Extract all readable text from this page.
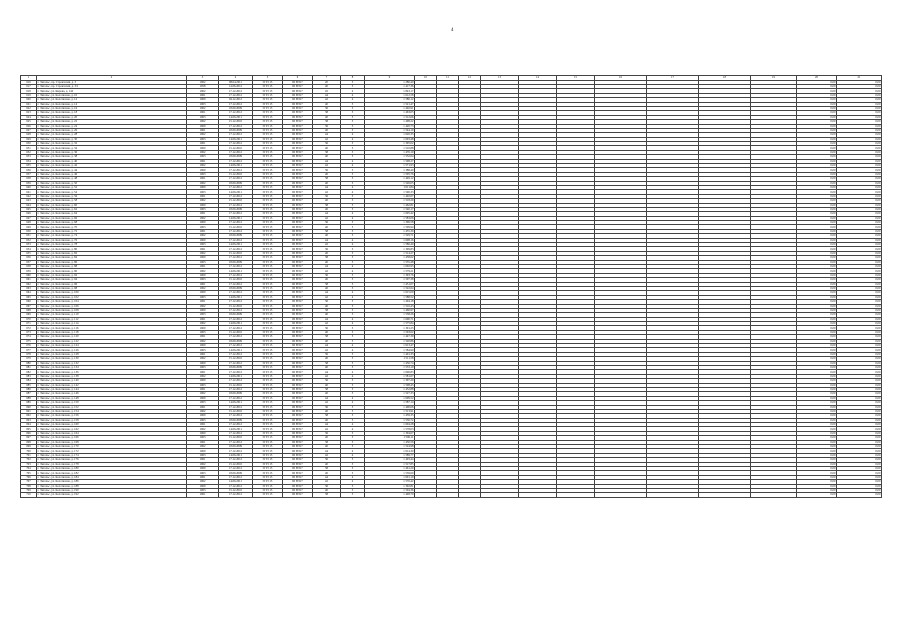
4
1	2	3	4	5	6	7	8	9	10	11	12	13	14	15	16	17	18	19	20	21
616	г. Энгельс, пр. Строителей, д. 3	1962	08.04.2011	П Т3 15	III ВЭ17	20	3	1 286,40											0,00	0,00
617	г. Энгельс, пр. Строителей, д. 3/1	1958	14.06.2012	П Т3 15	III ВЭ17	40	3	1 417,36											0,00	0,00
618	г. Энгельс, ул. Кирова, д. 142	1962	17.12.2012	П Т3 15	III ВЭ17	45	4	1 843,17											0,00	0,00
619	г. Энгельс, ул. Колотилова, д. 10	1961	17.12.2012	П Т3 15	III ВЭ17	44	4	1 612,58											0,00	0,00
620	г. Энгельс, ул. Колотилова, д. 12	1960	04.12.2012	П Т3 15	III ВЭ17	42	4	1 580,12											0,00	0,00
621	г. Энгельс, ул. Колотилова, д. 14	1963	17.12.2012	П Т3 15	III ВЭ17	40	3	1 521,47											0,00	0,00
622	г. Энгельс, ул. Колотилова, д. 16	1962	18.09.2009	П Т3 15	III ВЭ17	36	3	1 402,91											0,00	0,00
623	г. Энгельс, ул. Колотилова, д. 18	1961	17.12.2012	П Т3 15	III ВЭ17	38	3	1 463,05											0,00	0,00
624	г. Энгельс, ул. Колотилова, д. 20	1963	14.06.2011	П Т3 15	III ВЭ17	40	3	1 512,66											0,00	0,00
625	г. Энгельс, ул. Колотилова, д. 22	1962	15.12.2010	П Т3 15	III ВЭ17	38	3	1 498,22											0,00	0,00
626	г. Энгельс, ул. Колотилова, д. 24	1960	17.12.2012	П Т3 15	III ВЭ17	36	3	1 420,73											0,00	0,00
627	г. Энгельс, ул. Колотилова, д. 26	1961	18.09.2009	П Т3 15	III ВЭ17	40	3	1 544,10											0,00	0,00
628	г. Энгельс, ул. Колотилова, д. 28	1962	17.12.2012	П Т3 15	III ВЭ17	44	4	1 620,35											0,00	0,00
629	г. Энгельс, ул. Колотилова, д. 30	1963	14.06.2011	П Т3 15	III ВЭ17	42	4	1 603,48											0,00	0,00
630	г. Энгельс, ул. Колотилова, д. 32	1961	17.12.2012	П Т3 15	III ВЭ17	36	3	1 395,02											0,00	0,00
631	г. Энгельс, ул. Колотилова, д. 34	1960	15.12.2010	П Т3 15	III ВЭ17	40	3	1 510,88											0,00	0,00
632	г. Энгельс, ул. Колотилова, д. 36	1962	17.12.2012	П Т3 15	III ВЭ17	38	3	1 476,19											0,00	0,00
633	г. Энгельс, ул. Колотилова, д. 38	1963	18.09.2009	П Т3 15	III ВЭ17	40	3	1 532,64											0,00	0,00
634	г. Энгельс, ул. Колотилова, д. 40	1961	17.12.2012	П Т3 15	III ВЭ17	44	4	1 598,27											0,00	0,00
635	г. Энгельс, ул. Колотилова, д. 42	1962	14.06.2011	П Т3 15	III ВЭ17	42	4	1 571,93											0,00	0,00
636	г. Энгельс, ул. Колотилова, д. 44	1960	17.12.2012	П Т3 15	III ВЭ17	36	3	1 388,40											0,00	0,00
637	г. Энгельс, ул. Колотилова, д. 46	1963	15.12.2010	П Т3 15	III ВЭ17	40	3	1 505,76											0,00	0,00
638	г. Энгельс, ул. Колотилова, д. 48	1961	17.12.2012	П Т3 15	III ВЭ17	38	3	1 449,12											0,00	0,00
639	г. Энгельс, ул. Колотилова, д. 50	1962	18.09.2009	П Т3 15	III ВЭ17	40	3	1 526,05											0,00	0,00
640	г. Энгельс, ул. Колотилова, д. 52	1960	17.12.2012	П Т3 15	III ВЭ17	44	4	1 611,84											0,00	0,00
641	г. Энгельс, ул. Колотилова, д. 54	1963	14.06.2011	П Т3 15	III ВЭ17	42	4	1 590,33											0,00	0,00
642	г. Энгельс, ул. Колотилова, д. 56	1961	17.12.2012	П Т3 15	III ВЭ17	36	3	1 402,67											0,00	0,00
643	г. Энгельс, ул. Колотилова, д. 58	1962	15.12.2010	П Т3 15	III ВЭ17	40	3	1 518,29											0,00	0,00
644	г. Энгельс, ул. Колотилова, д. 60	1960	17.12.2012	П Т3 15	III ВЭ17	38	3	1 462,81											0,00	0,00
645	г. Энгельс, ул. Колотилова, д. 62	1963	18.09.2009	П Т3 15	III ВЭ17	40	3	1 540,17											0,00	0,00
646	г. Энгельс, ул. Колотилова, д. 64	1961	17.12.2012	П Т3 15	III ВЭ17	44	4	1 605,42											0,00	0,00
647	г. Энгельс, ул. Колотилова, д. 66	1962	14.06.2011	П Т3 15	III ВЭ17	42	4	1 583,06											0,00	0,00
648	г. Энгельс, ул. Колотилова, д. 68	1960	17.12.2012	П Т3 15	III ВЭ17	36	3	1 396,58											0,00	0,00
649	г. Энгельс, ул. Колотилова, д. 70	1963	15.12.2010	П Т3 15	III ВЭ17	40	3	1 509,94											0,00	0,00
650	г. Энгельс, ул. Колотилова, д. 72	1961	17.12.2012	П Т3 15	III ВЭ17	38	3	1 455,30											0,00	0,00
651	г. Энгельс, ул. Колотилова, д. 74	1962	18.09.2009	П Т3 15	III ВЭ17	40	3	1 529,71											0,00	0,00
652	г. Энгельс, ул. Колотилова, д. 76	1960	17.12.2012	П Т3 15	III ВЭ17	44	4	1 608,16											0,00	0,00
653	г. Энгельс, ул. Колотилова, д. 78	1963	14.06.2011	П Т3 15	III ВЭ17	42	4	1 586,49											0,00	0,00
654	г. Энгельс, ул. Колотилова, д. 80	1961	17.12.2012	П Т3 15	III ВЭ17	36	3	1 399,83											0,00	0,00
655	г. Энгельс, ул. Колотилова, д. 82	1962	15.12.2010	П Т3 15	III ВЭ17	40	3	1 514,27											0,00	0,00
656	г. Энгельс, ул. Колотилова, д. 84	1960	17.12.2012	П Т3 15	III ВЭ17	38	3	1 458,62											0,00	0,00
657	г. Энгельс, ул. Колотилова, д. 86	1963	18.09.2009	П Т3 15	III ВЭ17	40	3	1 535,48											0,00	0,00
658	г. Энгельс, ул. Колотилова, д. 88	1961	17.12.2012	П Т3 15	III ВЭ17	44	4	1 602,95											0,00	0,00
659	г. Энгельс, ул. Колотилова, д. 90	1962	14.06.2011	П Т3 15	III ВЭ17	42	4	1 579,21											0,00	0,00
660	г. Энгельс, ул. Колотилова, д. 92	1960	17.12.2012	П Т3 15	III ВЭ17	36	3	1 393,76											0,00	0,00
661	г. Энгельс, ул. Колотилова, д. 94	1963	15.12.2010	П Т3 15	III ВЭ17	40	3	1 507,38											0,00	0,00
662	г. Энгельс, ул. Колотилова, д. 96	1961	17.12.2012	П Т3 15	III ВЭ17	38	3	1 451,07											0,00	0,00
663	г. Энгельс, ул. Колотилова, д. 98	1962	18.09.2009	П Т3 15	III ВЭ17	40	3	1 522,64											0,00	0,00
664	г. Энгельс, ул. Колотилова, д. 100	1960	17.12.2012	П Т3 15	III ВЭ17	44	4	1 615,09											0,00	0,00
665	г. Энгельс, ул. Колотилова, д. 102	1963	14.06.2011	П Т3 15	III ВЭ17	42	4	1 588,52											0,00	0,00
666	г. Энгельс, ул. Колотилова, д. 104	1961	17.12.2012	П Т3 15	III ВЭ17	36	3	1 404,18											0,00	0,00
667	г. Энгельс, ул. Колотилова, д. 106	1962	15.12.2010	П Т3 15	III ВЭ17	40	3	1 516,43											0,00	0,00
668	г. Энгельс, ул. Колотилова, д. 108	1960	17.12.2012	П Т3 15	III ВЭ17	38	3	1 460,97											0,00	0,00
669	г. Энгельс, ул. Колотилова, д. 110	1963	18.09.2009	П Т3 15	III ВЭ17	40	3	1 538,26											0,00	0,00
670	г. Энгельс, ул. Колотилова, д. 112	1961	17.12.2012	П Т3 15	III ВЭ17	44	4	1 600,71											0,00	0,00
671	г. Энгельс, ул. Колотилова, д. 114	1962	14.06.2011	П Т3 15	III ВЭ17	42	4	1 575,84											0,00	0,00
672	г. Энгельс, ул. Колотилова, д. 116	1960	17.12.2012	П Т3 15	III ВЭ17	36	3	1 391,25											0,00	0,00
673	г. Энгельс, ул. Колотилова, д. 118	1963	15.12.2010	П Т3 15	III ВЭ17	40	3	1 503,62											0,00	0,00
674	г. Энгельс, ул. Колотилова, д. 120	1961	17.12.2012	П Т3 15	III ВЭ17	38	3	1 447,39											0,00	0,00
675	г. Энгельс, ул. Колотилова, д. 122	1962	18.09.2009	П Т3 15	III ВЭ17	40	3	1 520,86											0,00	0,00
676	г. Энгельс, ул. Колотилова, д. 124	1960	17.12.2012	П Т3 15	III ВЭ17	44	4	1 613,47											0,00	0,00
677	г. Энгельс, ул. Колотилова, д. 126	1963	14.06.2011	П Т3 15	III ВЭ17	42	4	1 584,90											0,00	0,00
678	г. Энгельс, ул. Колотилова, д. 128	1961	17.12.2012	П Т3 15	III ВЭ17	36	3	1 401,33											0,00	0,00
679	г. Энгельс, ул. Колотилова, д. 130	1962	15.12.2010	П Т3 15	III ВЭ17	40	3	1 511,58											0,00	0,00
680	г. Энгельс, ул. Колотилова, д. 132	1960	17.12.2012	П Т3 15	III ВЭ17	38	3	1 456,74											0,00	0,00
681	г. Энгельс, ул. Колотилова, д. 134	1963	18.09.2009	П Т3 15	III ВЭ17	40	3	1 533,19											0,00	0,00
682	г. Энгельс, ул. Колотилова, д. 136	1961	17.12.2012	П Т3 15	III ВЭ17	44	4	1 606,83											0,00	0,00
683	г. Энгельс, ул. Колотилова, д. 138	1962	14.06.2011	П Т3 15	III ВЭ17	42	4	1 581,67											0,00	0,00
684	г. Энгельс, ул. Колотилова, д. 140	1960	17.12.2012	П Т3 15	III ВЭ17	36	3	1 397,20											0,00	0,00
685	г. Энгельс, ул. Колотилова, д. 142	1963	15.12.2010	П Т3 15	III ВЭ17	40	3	1 508,45											0,00	0,00
686	г. Энгельс, ул. Колотилова, д. 144	1961	17.12.2012	П Т3 15	III ВЭ17	38	3	1 452,88											0,00	0,00
687	г. Энгельс, ул. Колотилова, д. 146	1962	18.09.2009	П Т3 15	III ВЭ17	40	3	1 527,33											0,00	0,00
688	г. Энгельс, ул. Колотилова, д. 148	1960	17.12.2012	П Т3 15	III ВЭ17	44	4	1 609,52											0,00	0,00
689	г. Энгельс, ул. Колотилова, д. 150	1963	14.06.2011	П Т3 15	III ВЭ17	42	4	1 587,14											0,00	0,00
690	г. Энгельс, ул. Колотилова, д. 152	1961	17.12.2012	П Т3 15	III ВЭ17	36	3	1 400,06											0,00	0,00
691	г. Энгельс, ул. Колотилова, д. 154	1962	15.12.2010	П Т3 15	III ВЭ17	40	3	1 513,91											0,00	0,00
692	г. Энгельс, ул. Колотилова, д. 156	1960	17.12.2012	П Т3 15	III ВЭ17	38	3	1 459,35											0,00	0,00
693	г. Энгельс, ул. Колотилова, д. 158	1963	18.09.2009	П Т3 15	III ВЭ17	40	3	1 536,72											0,00	0,00
694	г. Энгельс, ул. Колотилова, д. 160	1961	17.12.2012	П Т3 15	III ВЭ17	44	4	1 604,28											0,00	0,00
695	г. Энгельс, ул. Колотилова, д. 162	1962	14.06.2011	П Т3 15	III ВЭ17	42	4	1 578,03											0,00	0,00
696	г. Энгельс, ул. Колотилова, д. 164	1960	17.12.2012	П Т3 15	III ВЭ17	36	3	1 394,67											0,00	0,00
697	г. Энгельс, ул. Колотилова, д. 166	1963	15.12.2010	П Т3 15	III ВЭ17	40	3	1 506,11											0,00	0,00
698	г. Энгельс, ул. Колотилова, д. 168	1961	17.12.2012	П Т3 15	III ВЭ17	38	3	1 450,56											0,00	0,00
699	г. Энгельс, ул. Колотилова, д. 170	1962	18.09.2009	П Т3 15	III ВЭ17	40	3	1 524,98											0,00	0,00
700	г. Энгельс, ул. Колотилова, д. 172	1960	17.12.2012	П Т3 15	III ВЭ17	44	4	1 614,30											0,00	0,00
701	г. Энгельс, ул. Колотилова, д. 174	1963	14.06.2011	П Т3 15	III ВЭ17	42	4	1 589,77											0,00	0,00
702	г. Энгельс, ул. Колотилова, д. 176	1961	17.12.2012	П Т3 15	III ВЭ17	36	3	1 403,44											0,00	0,00
703	г. Энгельс, ул. Колотилова, д. 178	1962	15.12.2010	П Т3 15	III ВЭ17	40	3	1 517,85											0,00	0,00
704	г. Энгельс, ул. Колотилова, д. 180	1960	17.12.2012	П Т3 15	III ВЭ17	38	3	1 461,29											0,00	0,00
705	г. Энгельс, ул. Колотилова, д. 182	1963	18.09.2009	П Т3 15	III ВЭ17	40	3	1 539,60											0,00	0,00
706	г. Энгельс, ул. Колотилова, д. 184	1961	17.12.2012	П Т3 15	III ВЭ17	44	4	1 601,19											0,00	0,00
707	г. Энгельс, ул. Колотилова, д. 186	1962	14.06.2011	П Т3 15	III ВЭ17	42	4	1 576,42											0,00	0,00
708	г. Энгельс, ул. Колотилова, д. 188	1960	17.12.2012	П Т3 15	III ВЭ17	36	3	1 392,81											0,00	0,00
709	г. Энгельс, ул. Колотилова, д. 190	1963	15.12.2010	П Т3 15	III ВЭ17	40	3	1 504,36											0,00	0,00
710	г. Энгельс, ул. Колотилова, д. 192	1961	17.12.2012	П Т3 15	III ВЭ17	38	3	1 448,70											0,00	0,00
